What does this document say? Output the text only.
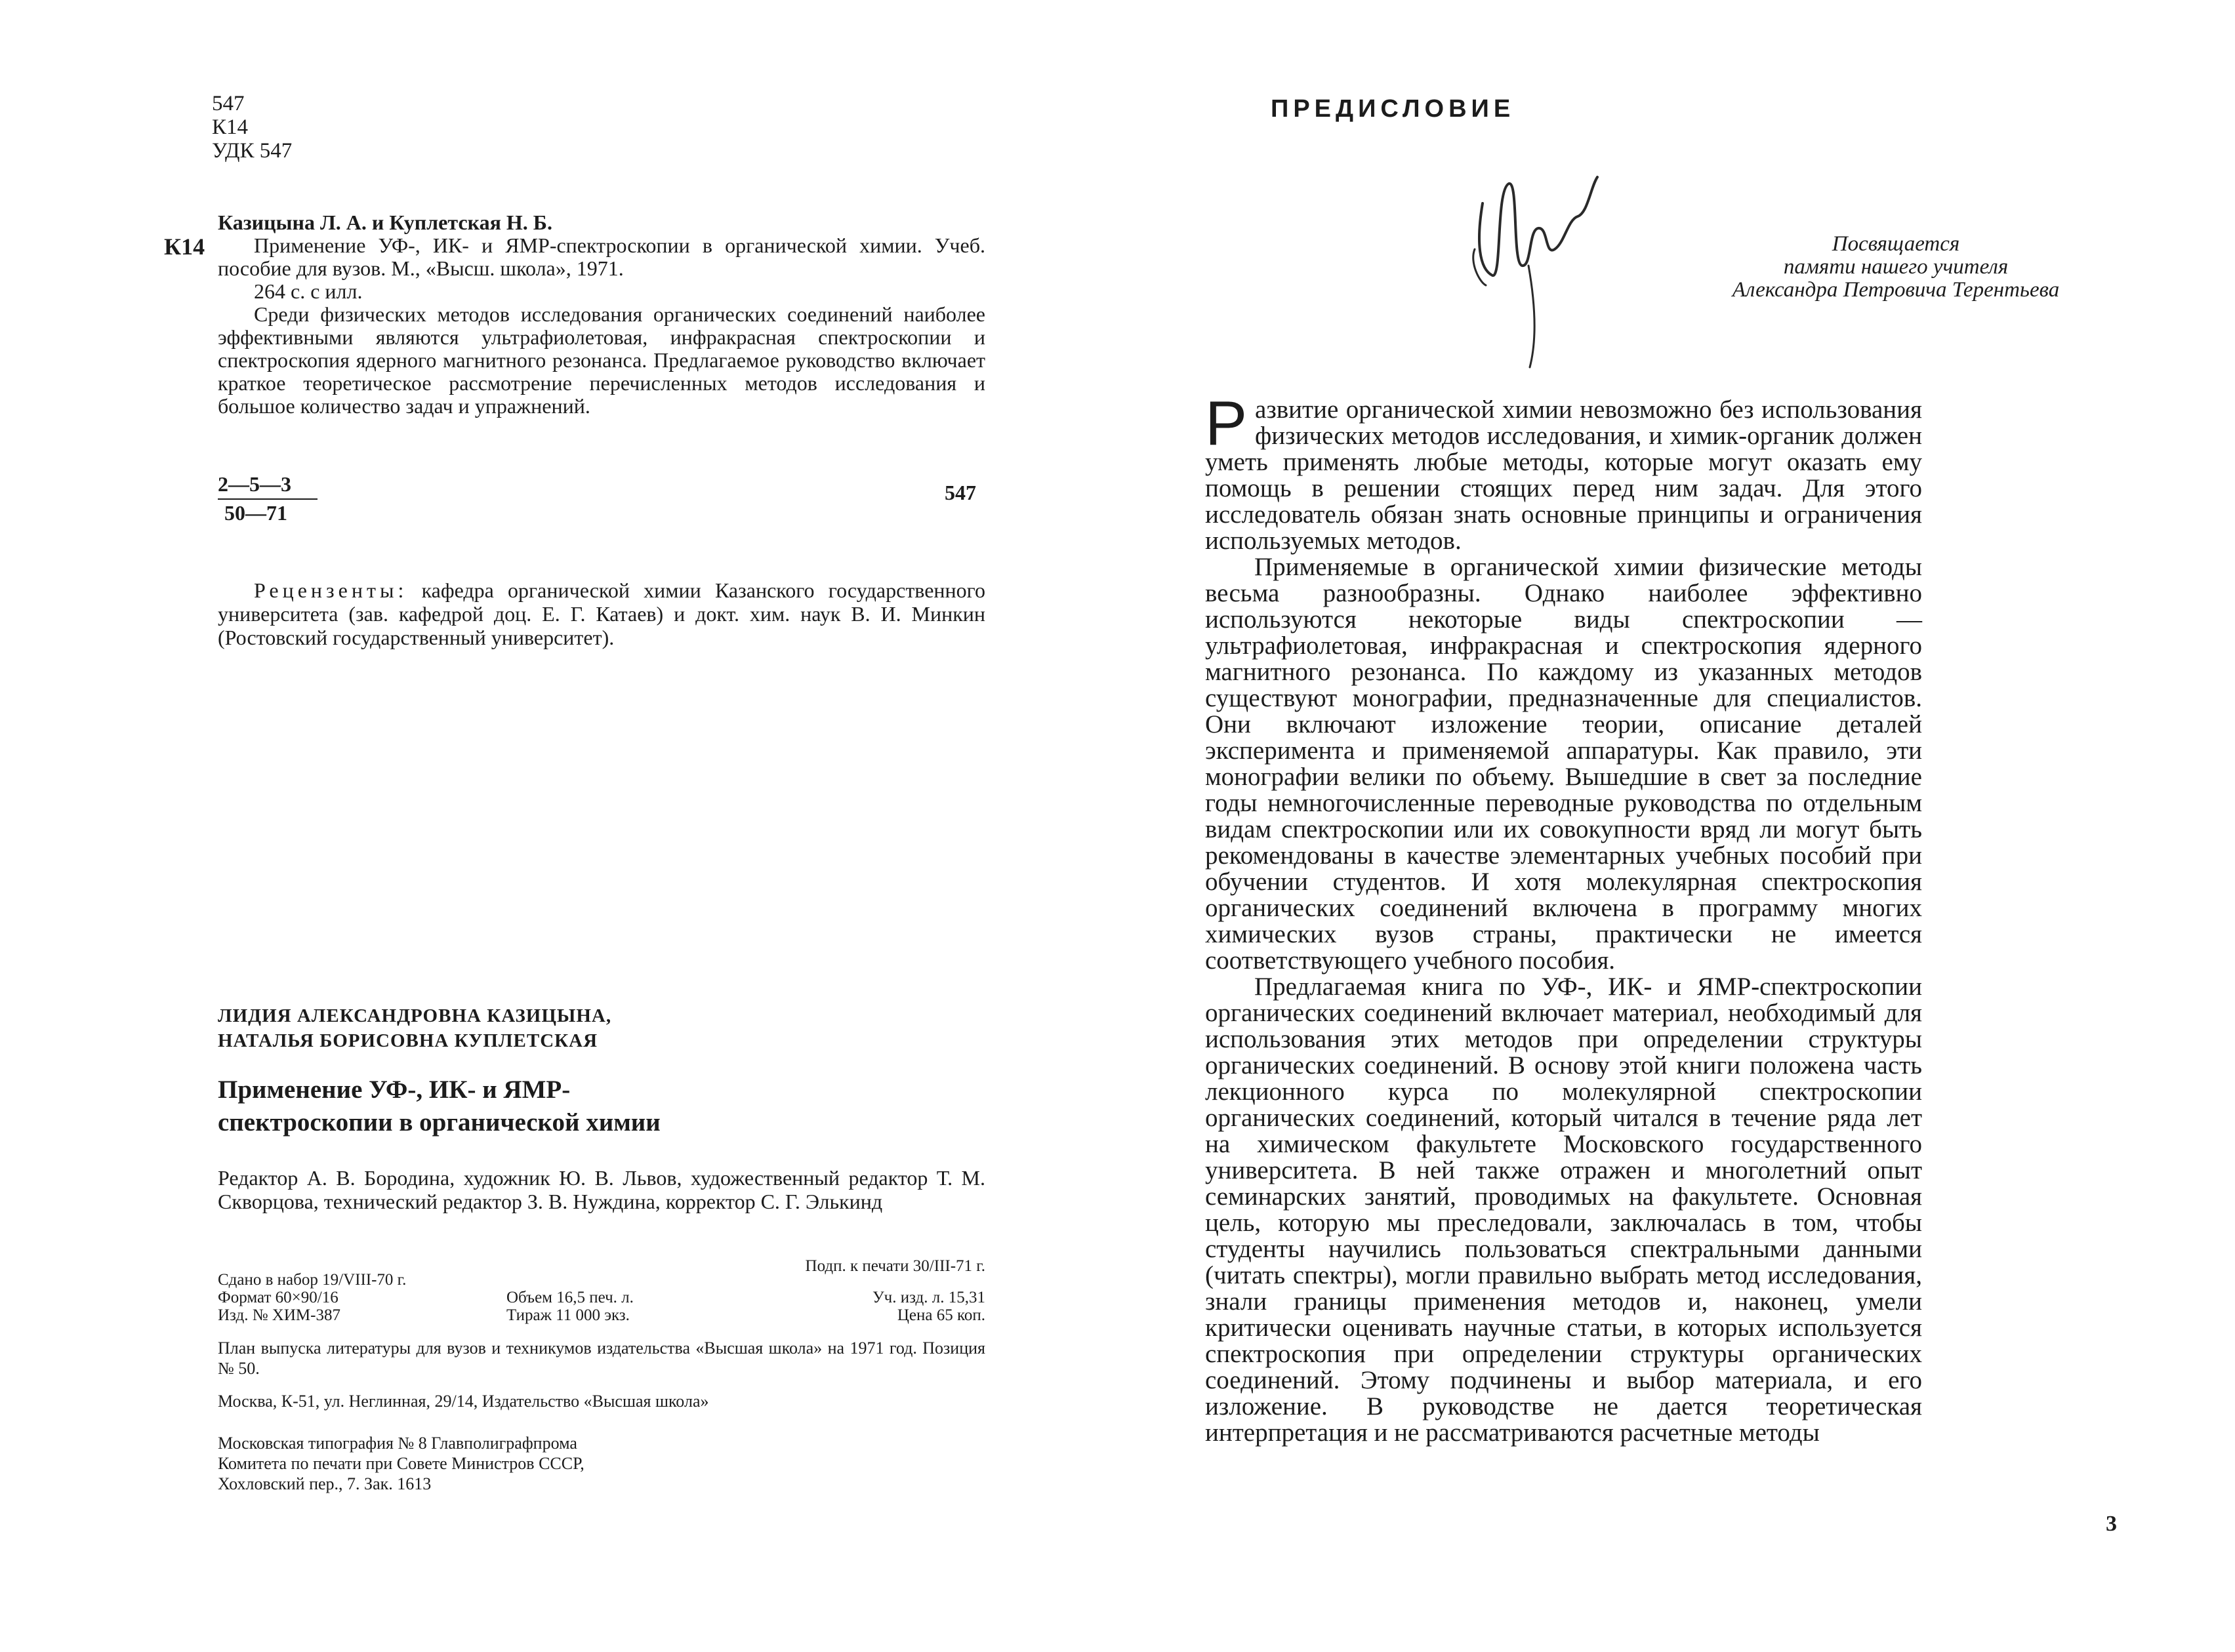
547
К14
УДК 547
К14
Казицына Л. А. и Куплетская Н. Б.

Применение УФ-, ИК- и ЯМР-спектроскопии в органической химии. Учеб. пособие для вузов. М., «Высш. школа», 1971.

264 с. с илл.

Среди физических методов исследования органических соединений наиболее эффективными являются ультрафиолетовая, инфракрасная спектроскопии и спектроскопия ядерного магнитного резонанса. Предлагаемое руководство включает краткое теоретическое рассмотрение перечисленных методов исследования и большое количество задач и упражнений.

$\frac{2—5—3}{50—71}$	547
Рецензенты: кафедра органической химии Казанского государственного университета (зав. кафедрой доц. Е. Г. Катаев) и докт. хим. наук В. И. Минкин (Ростовский государственный университет).
ЛИДИЯ АЛЕКСАНДРОВНА КАЗИЦЫНА,
НАТАЛЬЯ БОРИСОВНА КУПЛЕТСКАЯ
Применение УФ-, ИК- и ЯМР-
спектроскопии в органической химии
Редактор А. В. Бородина, художник Ю. В. Львов, художественный редактор Т. М. Скворцова, технический редактор З. В. Нуждина, корректор С. Г. Элькинд
Подп. к печати 30/III-71 г.
Сдано в набор 19/VIII-70 г.
Формат 60×90/16	Объем 16,5 печ. л.	Уч. изд. л. 15,31
Изд. № ХИМ-387	Тираж 11 000 экз.	Цена 65 коп.
План выпуска литературы для вузов и техникумов издательства «Высшая школа» на 1971 год. Позиция № 50.
Москва, К-51, ул. Неглинная, 29/14, Издательство «Высшая школа»
Московская типография № 8 Главполиграфпрома
Комитета по печати при Совете Министров СССР,
Хохловский пер., 7. Зак. 1613
ПРЕДИСЛОВИЕ
Посвящается
памяти нашего учителя
Александра Петровича Терентьева

Развитие органической химии невозможно без использования физических методов исследования, и химик-органик должен уметь применять любые методы, которые могут оказать ему помощь в решении стоящих перед ним задач. Для этого исследователь обязан знать основные принципы и ограничения используемых методов.

Применяемые в органической химии физические методы весьма разнообразны. Однако наиболее эффективно используются некоторые виды спектроскопии — ультрафиолетовая, инфракрасная и спектроскопия ядерного магнитного резонанса. По каждому из указанных методов существуют монографии, предназначенные для специалистов. Они включают изложение теории, описание деталей эксперимента и применяемой аппаратуры. Как правило, эти монографии велики по объему. Вышедшие в свет за последние годы немногочисленные переводные руководства по отдельным видам спектроскопии или их совокупности вряд ли могут быть рекомендованы в качестве элементарных учебных пособий при обучении студентов. И хотя молекулярная спектроскопия органических соединений включена в программу многих химических вузов страны, практически не имеется соответствующего учебного пособия.

Предлагаемая книга по УФ-, ИК- и ЯМР-спектроскопии органических соединений включает материал, необходимый для использования этих методов при определении структуры органических соединений. В основу этой книги положена часть лекционного курса по молекулярной спектроскопии органических соединений, который читался в течение ряда лет на химическом факультете Московского государственного университета. В ней также отражен и многолетний опыт семинарских занятий, проводимых на факультете. Основная цель, которую мы преследовали, заключалась в том, чтобы студенты научились пользоваться спектральными данными (читать спектры), могли правильно выбрать метод исследования, знали границы применения методов и, наконец, умели критически оценивать научные статьи, в которых используется спектроскопия при определении структуры органических соединений. Этому подчинены и выбор материала, и его изложение. В руководстве не дается теоретическая интерпретация и не рассматриваются расчетные методы

3
